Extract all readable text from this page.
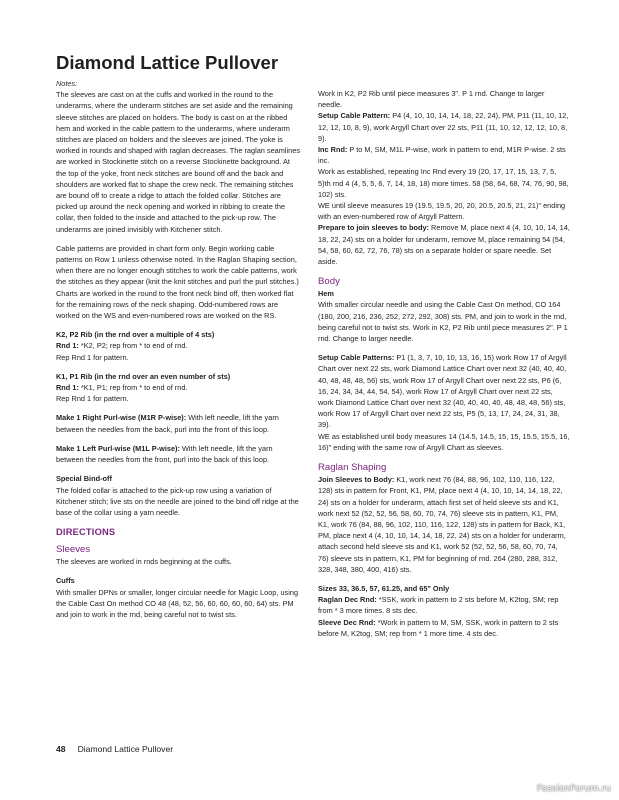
Diamond Lattice Pullover

Notes:

The sleeves are cast on at the cuffs and worked in the round to the underarms, where the underarm stitches are set aside and the remaining sleeve stitches are placed on holders. The body is cast on at the ribbed hem and worked in the cable pattern to the underarms, where underarm stitches are placed on holders and the sleeves are joined. The yoke is worked in rounds and shaped with raglan decreases. The raglan seamlines are worked in Stockinette stitch on a reverse Stockinette background. At the top of the yoke, front neck stitches are bound off and the back and shoulders are worked flat to shape the crew neck. The remaining stitches are bound off to create a ridge to attach the folded collar. Stitches are picked up around the neck opening and worked in ribbing to create the collar, then folded to the inside and attached to the pick-up row. The underarms are joined invisibly with Kitchener stitch.

Cable patterns are provided in chart form only. Begin working cable patterns on Row 1 unless otherwise noted. In the Raglan Shaping section, when there are no longer enough stitches to work the cable patterns, work the stitches as they appear (knit the knit stitches and purl the purl stitches.) Charts are worked in the round to the front neck bind off, then worked flat for the remaining rows of the neck shaping. Odd-numbered rows are worked on the WS and even-numbered rows are worked on the RS.

K2, P2 Rib (in the rnd over a multiple of 4 sts)

Rnd 1: *K2, P2; rep from * to end of rnd.

Rep Rnd 1 for pattern.

K1, P1 Rib (in the rnd over an even number of sts)

Rnd 1: *K1, P1; rep from * to end of rnd.

Rep Rnd 1 for pattern.

Make 1 Right Purl-wise (M1R P-wise): With left needle, lift the yarn between the needles from the back, purl into the front of this loop.

Make 1 Left Purl-wise (M1L P-wise): With left needle, lift the yarn between the needles from the front, purl into the back of this loop.

Special Bind-off

The folded collar is attached to the pick-up row using a variation of Kitchener stitch; live sts on the needle are joined to the bind off ridge at the base of the collar using a yarn needle.

DIRECTIONS

Sleeves

The sleeves are worked in rnds beginning at the cuffs.

Cuffs

With smaller DPNs or smaller, longer circular needle for Magic Loop, using the Cable Cast On method CO 48 (48, 52, 56, 60, 60, 60, 60, 64) sts. PM and join to work in the rnd, being careful not to twist sts.

Work in K2, P2 Rib until piece measures 3". P 1 rnd. Change to larger needle.

Setup Cable Pattern: P4 (4, 10, 10, 14, 14, 18, 22, 24), PM, P11 (11, 10, 12, 12, 12, 10, 8, 9), work Argyll Chart over 22 sts, P11 (11, 10, 12, 12, 12, 10, 8, 9).

Inc Rnd: P to M, SM, M1L P-wise, work in pattern to end, M1R P-wise. 2 sts inc.

Work as established, repeating Inc Rnd every 19 (20, 17, 17, 15, 13, 7, 5, 5)th rnd 4 (4, 5, 5, 6, 7, 14, 18, 18) more times. 58 (58, 64, 68, 74, 76, 90, 98, 102) sts.

WE until sleeve measures 19 (19.5, 19.5, 20, 20, 20.5, 20.5, 21, 21)" ending with an even-numbered row of Argyll Pattern.

Prepare to join sleeves to body: Remove M, place next 4 (4, 10, 10, 14, 14, 18, 22, 24) sts on a holder for underarm, remove M, place remaining 54 (54, 54, 58, 60, 62, 72, 76, 78) sts on a separate holder or spare needle. Set aside.

Body

Hem

With smaller circular needle and using the Cable Cast On method, CO 164 (180, 200, 216, 236, 252, 272, 292, 308) sts. PM, and join to work in the rnd, being careful not to twist sts. Work in K2, P2 Rib until piece measures 2". P 1 rnd. Change to larger needle.

Setup Cable Patterns: P1 (1, 3, 7, 10, 10, 13, 16, 15) work Row 17 of Argyll Chart over next 22 sts, work Diamond Lattice Chart over next 32 (40, 40, 40, 40, 48, 48, 48, 56) sts, work Row 17 of Argyll Chart over next 22 sts, P6 (6, 16, 24, 34, 34, 44, 54, 54), work Row 17 of Argyll Chart over next 22 sts, work Diamond Lattice Chart over next 32 (40, 40, 40, 40, 48, 48, 48, 56) sts, work Row 17 of Argyll Chart over next 22 sts, P5 (5, 13, 17, 24, 24, 31, 38, 39).

WE as established until body measures 14 (14.5, 14.5, 15, 15, 15.5, 15.5, 16, 16)" ending with the same row of Argyll Chart as sleeves.

Raglan Shaping

Join Sleeves to Body: K1, work next 76 (84, 88, 96, 102, 110, 116, 122, 128) sts in pattern for Front, K1, PM, place next 4 (4, 10, 10, 14, 14, 18, 22, 24) sts on a holder for underarm, attach first set of held sleeve sts and K1, work next 52 (52, 52, 56, 58, 60, 70, 74, 76) sleeve sts in pattern, K1, PM, K1, work 76 (84, 88, 96, 102, 110, 116, 122, 128) sts in pattern for Back, K1, PM, place next 4 (4, 10, 10, 14, 14, 18, 22, 24) sts on a holder for underarm, attach second held sleeve sts and K1, work 52 (52, 52, 56, 58, 60, 70, 74, 76) sleeve sts in pattern, K1, PM for beginning of rnd. 264 (280, 288, 312, 328, 348, 380, 400, 416) sts.

Sizes 33, 36.5, 57, 61.25, and 65" Only

Raglan Dec Rnd: *SSK, work in pattern to 2 sts before M, K2tog, SM; rep from * 3 more times. 8 sts dec.

Sleeve Dec Rnd: *Work in pattern to M, SM, SSK, work in pattern to 2 sts before M, K2tog, SM; rep from * 1 more time. 4 sts dec.

48 Diamond Lattice Pullover
PassionForum.ru
